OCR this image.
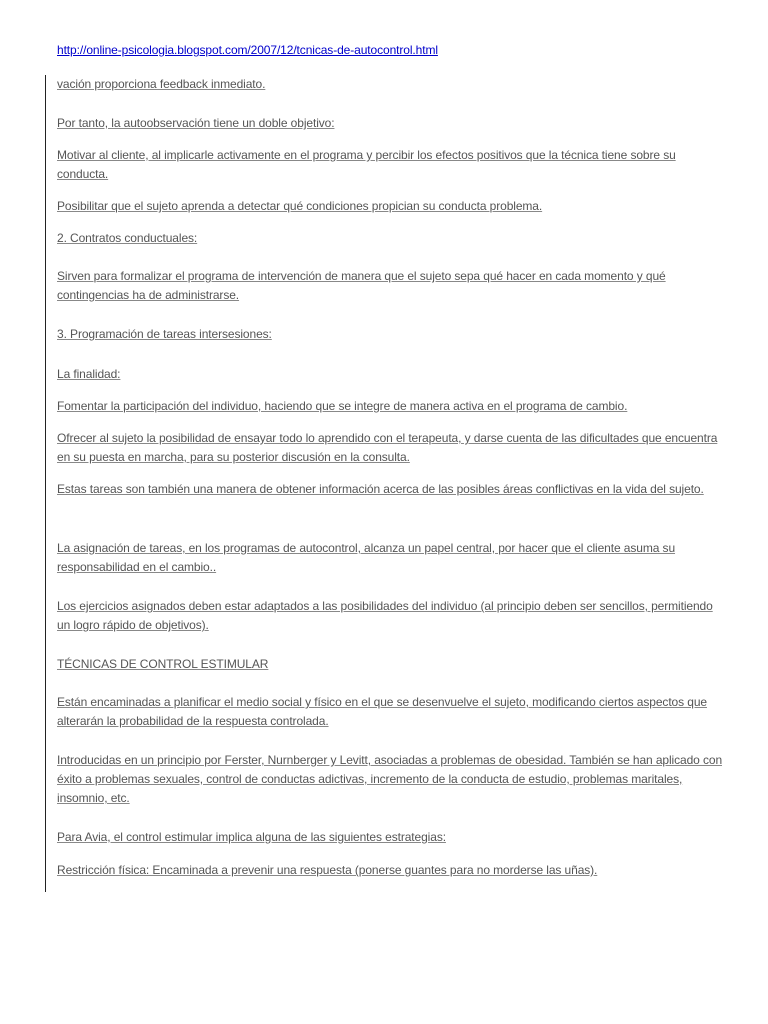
http://online-psicologia.blogspot.com/2007/12/tcnicas-de-autocontrol.html
vación proporciona feedback inmediato.
Por tanto, la autoobservación tiene un doble objetivo:
Motivar al cliente, al implicarle activamente en el programa y percibir los efectos positivos que la técnica tiene sobre su conducta.
Posibilitar que el sujeto aprenda a detectar qué condiciones propician su conducta problema.
2. Contratos conductuales:
Sirven para formalizar el programa de intervención de manera que el sujeto sepa qué hacer en cada momento y qué contingencias ha de administrarse.
3. Programación de tareas intersesiones:
La finalidad:
Fomentar la participación del individuo, haciendo que se integre de manera activa en el programa de cambio.
Ofrecer al sujeto la posibilidad de ensayar todo lo aprendido con el terapeuta, y darse cuenta de las dificultades que encuentra en su puesta en marcha, para su posterior discusión en la consulta.
Estas tareas son también una manera de obtener información acerca de las posibles áreas conflictivas en la vida del sujeto.
La asignación de tareas, en los programas de autocontrol, alcanza un papel central, por hacer que el cliente asuma su responsabilidad en el cambio..
Los ejercicios asignados deben estar adaptados a las posibilidades del individuo (al principio deben ser sencillos, permitiendo un logro rápido de objetivos).
TÉCNICAS DE CONTROL ESTIMULAR
Están encaminadas a planificar el medio social y físico en el que se desenvuelve el sujeto, modificando ciertos aspectos que alterarán la probabilidad de la respuesta controlada.
Introducidas en un principio por Ferster, Nurnberger y Levitt, asociadas a problemas de obesidad. También se han aplicado con éxito a problemas sexuales, control de conductas adictivas, incremento de la conducta de estudio, problemas maritales, insomnio, etc.
Para Avia, el control estimular implica alguna de las siguientes estrategias:
Restricción física: Encaminada a prevenir una respuesta (ponerse guantes para no morderse las uñas).
